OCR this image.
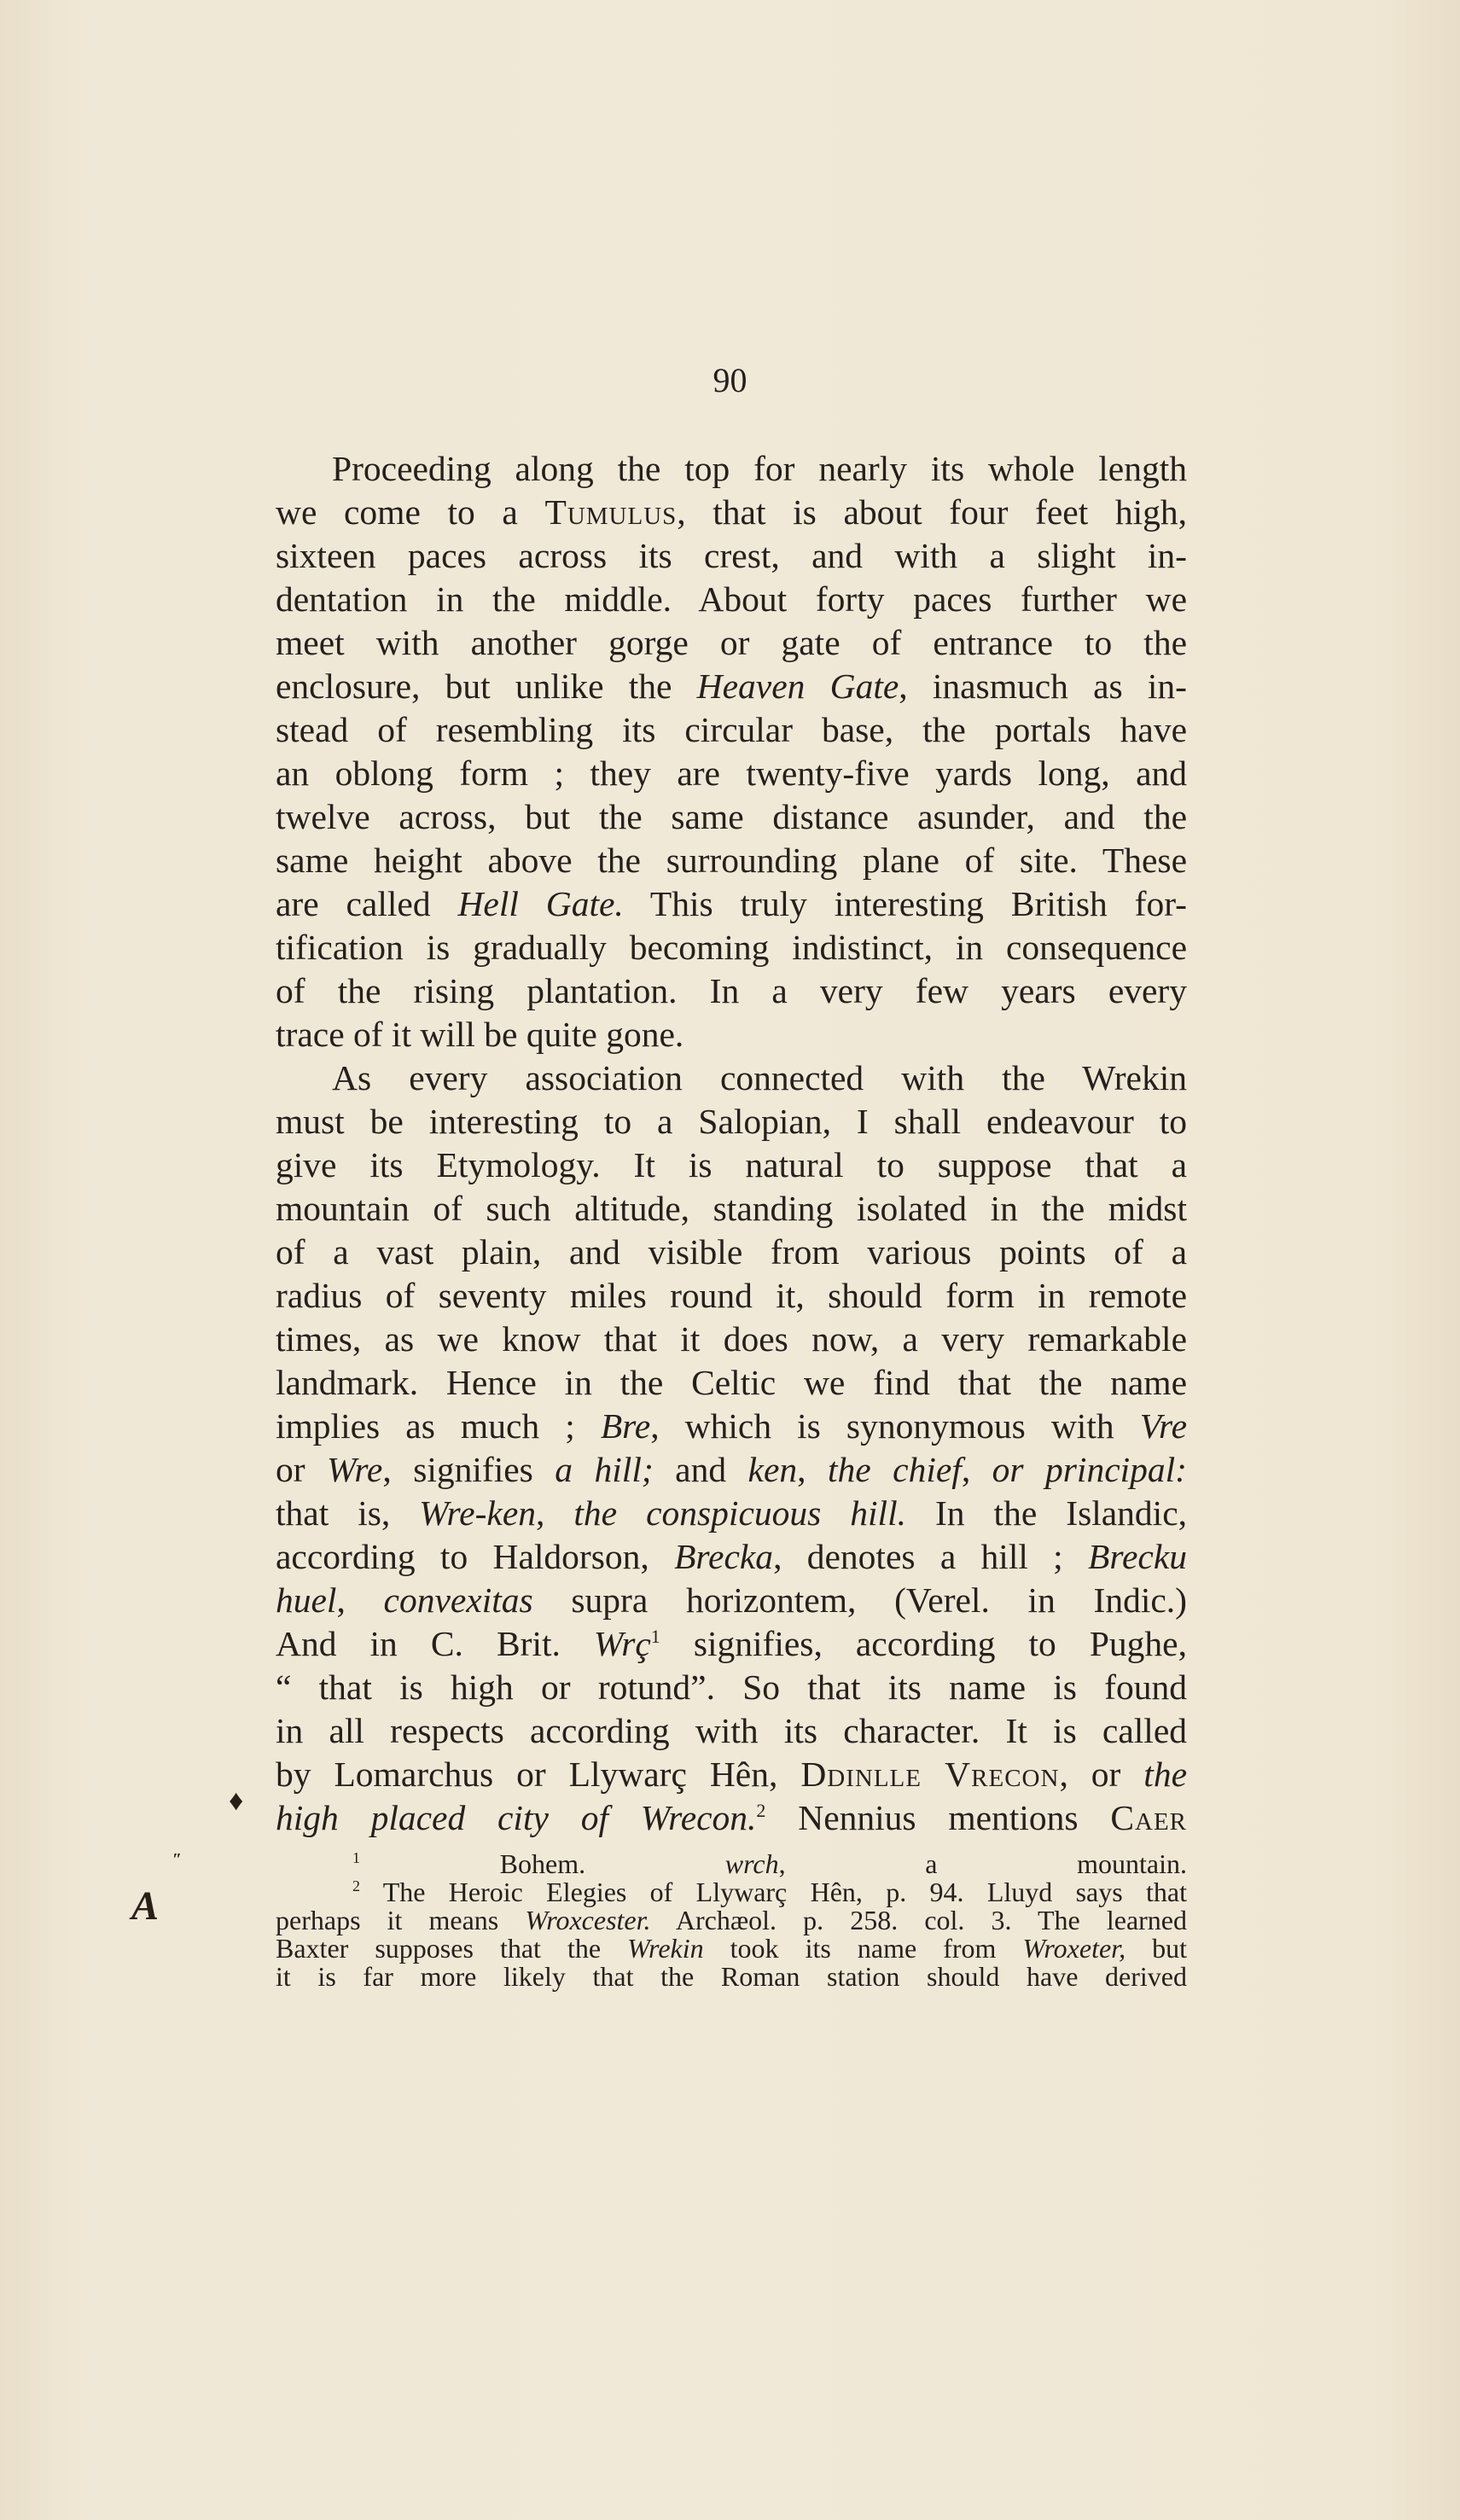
90
″
♦
A
Proceeding along the top for nearly its whole length
we come to a Tumulus, that is about four feet high,
sixteen paces across its crest, and with a slight in-
dentation in the middle. About forty paces further we
meet with another gorge or gate of entrance to the
enclosure, but unlike the Heaven Gate, inasmuch as in-
stead of resembling its circular base, the portals have
an oblong form ; they are twenty-five yards long, and
twelve across, but the same distance asunder, and the
same height above the surrounding plane of site. These
are called Hell Gate. This truly interesting British for-
tification is gradually becoming indistinct, in consequence
of the rising plantation. In a very few years every
trace of it will be quite gone.
As every association connected with the Wrekin
must be interesting to a Salopian, I shall endeavour to
give its Etymology. It is natural to suppose that a
mountain of such altitude, standing isolated in the midst
of a vast plain, and visible from various points of a
radius of seventy miles round it, should form in remote
times, as we know that it does now, a very remarkable
landmark. Hence in the Celtic we find that the name
implies as much ; Bre, which is synonymous with Vre
or Wre, signifies a hill; and ken, the chief, or principal:
that is, Wre-ken, the conspicuous hill. In the Islandic,
according to Haldorson, Brecka, denotes a hill ; Brecku
huel, convexitas supra horizontem, (Verel. in Indic.)
And in C. Brit. Wrç$^1$ signifies, according to Pughe,
“ that is high or rotund”. So that its name is found
in all respects according with its character. It is called
by Lomarchus or Llywarç Hên, Ddinlle Vrecon, or the
high placed city of Wrecon.$^2$ Nennius mentions Caer
$^1$ Bohem. wrch, a mountain.
$^2$ The Heroic Elegies of Llywarç Hên, p. 94. Lluyd says that
perhaps it means Wroxcester. Archæol. p. 258. col. 3. The learned
Baxter supposes that the Wrekin took its name from Wroxeter, but
it is far more likely that the Roman station should have derived
